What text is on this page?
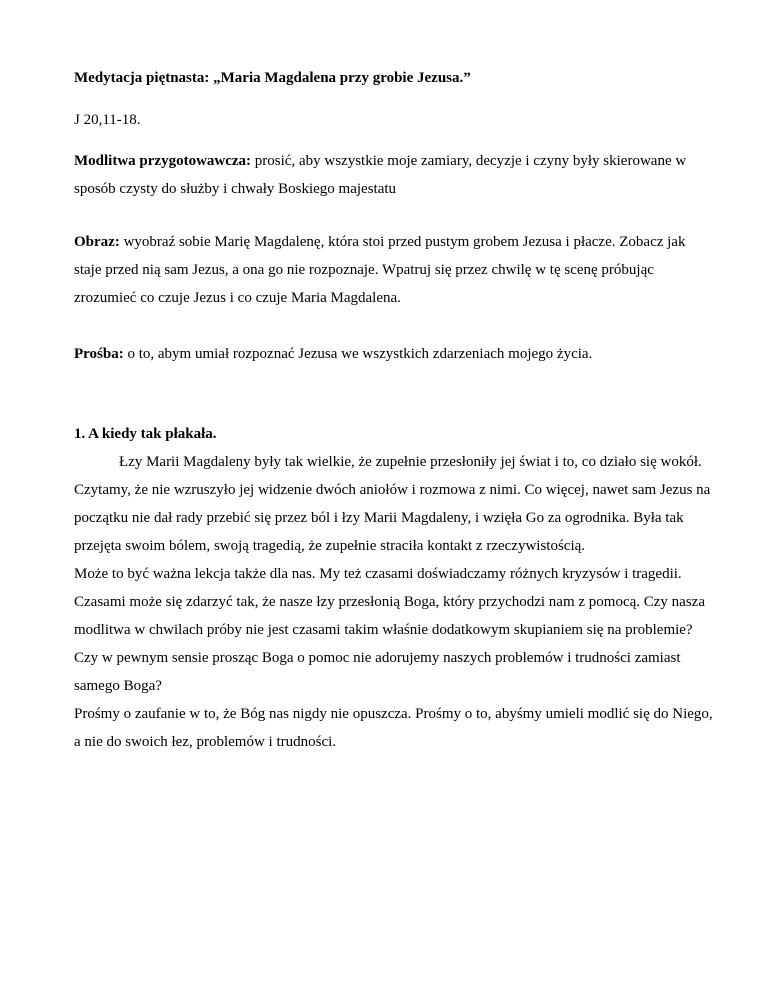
Medytacja piętnasta: „Maria Magdalena przy grobie Jezusa.”

J 20,11-18.

Modlitwa przygotowawcza: prosić, aby wszystkie moje zamiary, decyzje i czyny były skierowane w sposób czysty do służby i chwały Boskiego majestatu

Obraz: wyobraź sobie Marię Magdalenę, która stoi przed pustym grobem Jezusa i płacze. Zobacz jak staje przed nią sam Jezus, a ona go nie rozpoznaje. Wpatruj się przez chwilę w tę scenę próbując zrozumieć co czuje Jezus i co czuje Maria Magdalena.

Prośba: o to, abym umiał rozpoznać Jezusa we wszystkich zdarzeniach mojego życia.

1. A kiedy tak płakała.

Łzy Marii Magdaleny były tak wielkie, że zupełnie przesłoniły jej świat i to, co działo się wokół. Czytamy, że nie wzruszyło jej widzenie dwóch aniołów i rozmowa z nimi. Co więcej, nawet sam Jezus na początku nie dał rady przebić się przez ból i łzy Marii Magdaleny, i wzięła Go za ogrodnika. Była tak przejęta swoim bólem, swoją tragedią, że zupełnie straciła kontakt z rzeczywistością.

Może to być ważna lekcja także dla nas. My też czasami doświadczamy różnych kryzysów i tragedii. Czasami może się zdarzyć tak, że nasze łzy przesłonią Boga, który przychodzi nam z pomocą. Czy nasza modlitwa w chwilach próby nie jest czasami takim właśnie dodatkowym skupianiem się na problemie? Czy w pewnym sensie prosząc Boga o pomoc nie adorujemy naszych problemów i trudności zamiast samego Boga?

Prośmy o zaufanie w to, że Bóg nas nigdy nie opuszcza. Prośmy o to, abyśmy umieli modlić się do Niego, a nie do swoich łez, problemów i trudności.
